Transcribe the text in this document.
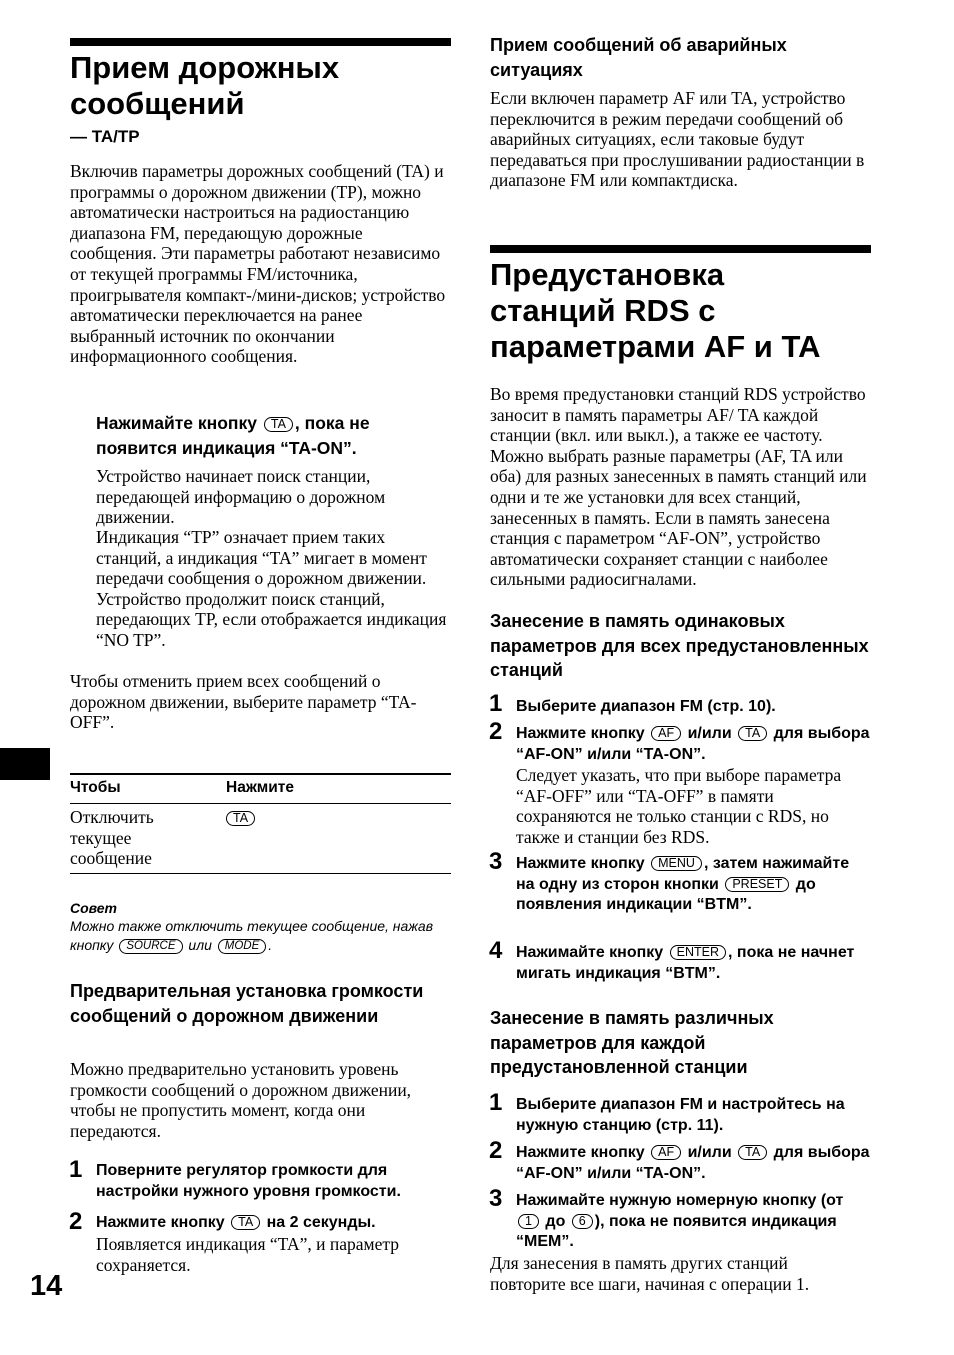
Прием дорожных

сообщений

— TA/TP

Включив параметры дорожных сообщений (TA) и программы о дорожном движении (TP), можно автоматически настроиться на радиостанцию диапазона FM, передающую дорожные сообщения. Эти параметры работают независимо от текущей программы FM/источника, проигрывателя компакт-/мини-дисков; устройство автоматически переключается на ранее выбранный источник по окончании информационного сообщения.

Нажимайте кнопку TA , пока не появится индикация “TA-ON”.

Устройство начинает поиск станции, передающей информацию о дорожном движении.

Индикация “TP” означает прием таких станций, а индикация “TA” мигает в момент передачи сообщения о дорожном движении. Устройство продолжит поиск станций, передающих TP, если отображается индикация “NO TP”.

Чтобы отменить прием всех сообщений о дорожном движении, выберите параметр “TA-OFF”.

Чтобы	Нажмите

Отключить текущее сообщение

TA
Совет
Можно также отключить текущее сообщение, нажав кнопку SOURCE или MODE .

Предварительная установка громкости сообщений о дорожном движении

Можно предварительно установить уровень громкости сообщений о дорожном движении, чтобы не пропустить момент, когда они передаются.

1 Поверните регулятор громкости для настройки нужного уровня громкости.

2 Нажмите кнопку TA на 2 секунды.

Появляется индикация “TA”, и параметр сохраняется.

14

Прием сообщений об аварийных ситуациях

Если включен параметр AF или TA, устройство переключится в режим передачи сообщений об аварийных ситуациях, если таковые будут передаваться при прослушивании радиостанции в диапазоне FM или компактдиска.

Предустановка

станций RDS с

параметрами AF и TA

Во время предустановки станций RDS устройство заносит в память параметры AF/ TA каждой станции (вкл. или выкл.), а также ее частоту. Можно выбрать разные параметры (AF, TA или оба) для разных занесенных в память станций или одни и те же установки для всех станций, занесенных в память. Если в память занесена станция с параметром “AF-ON”, устройство автоматически сохраняет станции с наиболее сильными радиосигналами.

Занесение в память одинаковых параметров для всех предустановленных станций

1 Выберите диапазон FM (стр. 10).

2 Нажмите кнопку AF и/или TA для выбора “AF-ON” и/или “TA-ON”.

Следует указать, что при выборе параметра “AF-OFF” или “TA-OFF” в памяти сохраняются не только станции с RDS, но также и станции без RDS.

3 Нажмите кнопку MENU , затем нажимайте на одну из сторон кнопки PRESET до появления индикации “BTM”.
4 Нажимайте кнопку ENTER , пока не начнет мигать индикация “BTM”.

Занесение в память различных параметров для каждой предустановленной станции

1 Выберите диапазон FM и настройтесь на нужную станцию (стр. 11).

2 Нажмите кнопку AF и/или TA для выбора “AF-ON” и/или “TA-ON”.
3 Нажимайте нужную номерную кнопку (от 1 до 6 ), пока не появится индикация “MEM”.

Для занесения в память других станций повторите все шаги, начиная с операции 1.
